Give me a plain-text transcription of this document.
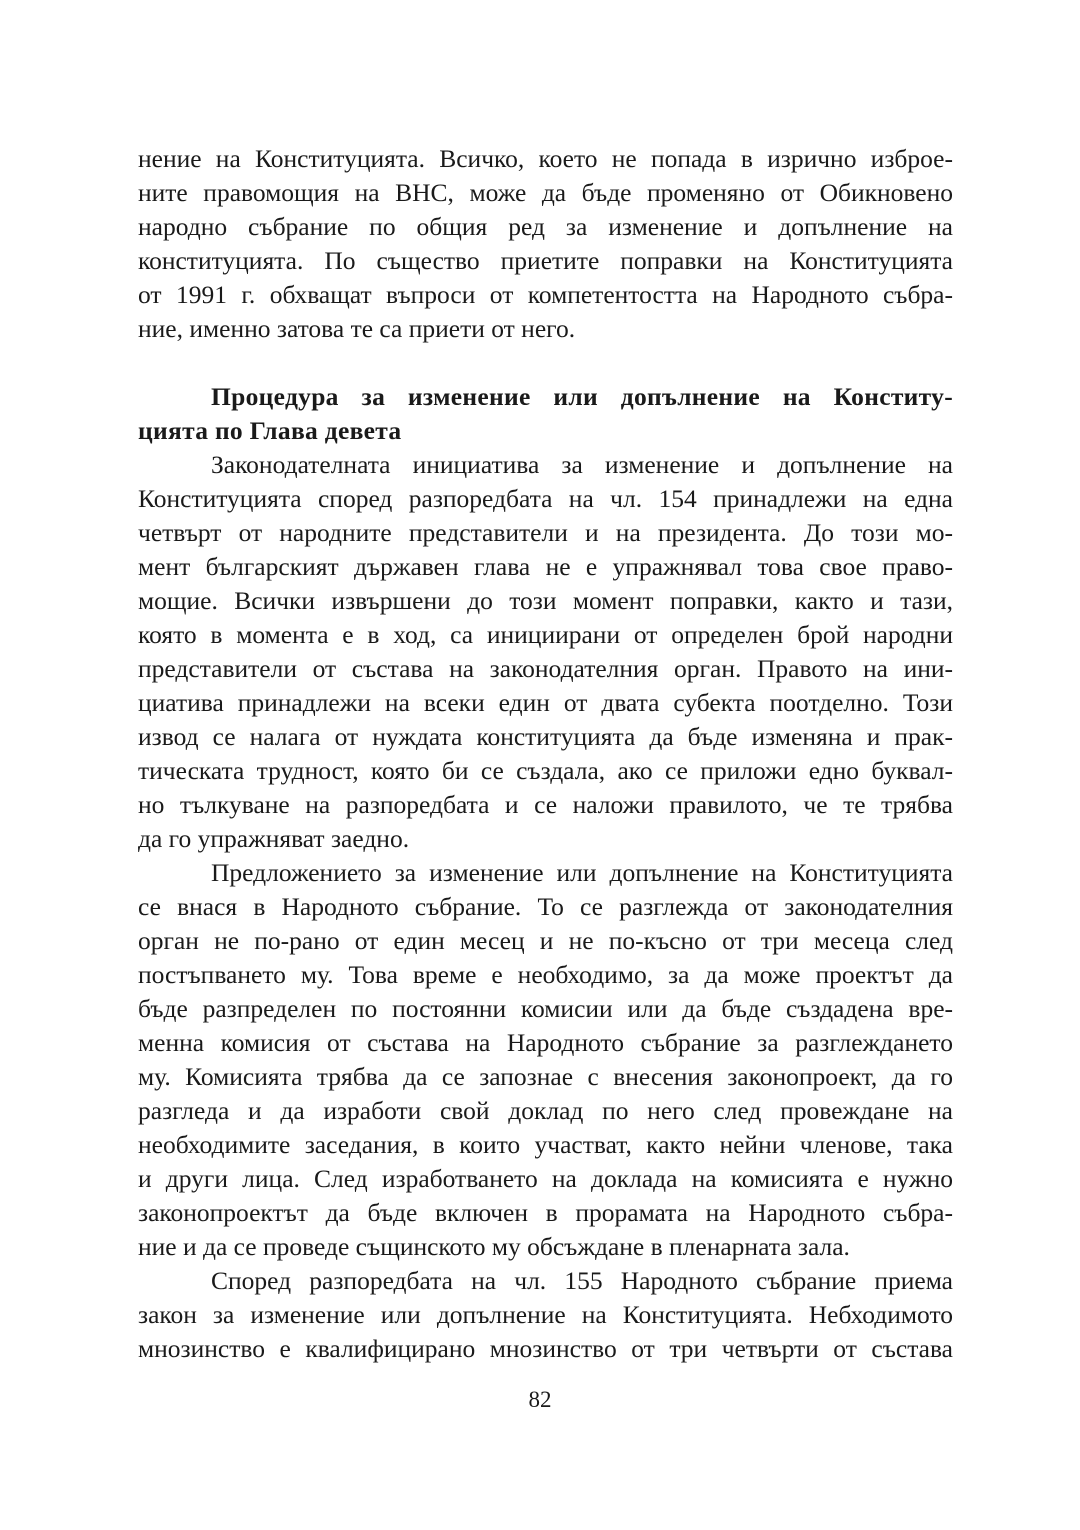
нение на Конституцията. Всичко, което не попада в изрично изброе-
ните правомощия на ВНС, може да бъде променяно от Обикновено
народно събрание по общия ред за изменение и допълнение на
конституцията. По същество приетите поправки на Конституцията
от 1991 г. обхващат въпроси от компетентостта на Народното събра-
ние, именно затова те са приети от него.
Процедура за изменение или допълнение на Конститу-
цията по Глава девета
Законодателната инициатива за изменение и допълнение на
Конституцията според разпоредбата на чл. 154 принадлежи на една
четвърт от народните представители и на президента. До този мо-
мент българският държавен глава не е упражнявал това свое право-
мощие. Всички извършени до този момент поправки, както и тази,
която в момента е в ход, са инициирани от определен брой народни
представители от състава на законодателния орган. Правото на ини-
циатива принадлежи на всеки един от двата субекта поотделно. Този
извод се налага от нуждата конституцията да бъде изменяна и прак-
тическата трудност, която би се създала, ако се приложи едно буквал-
но тълкуване на разпоредбата и се наложи правилото, че те трябва
да го упражняват заедно.
Предложението за изменение или допълнение на Конституцията
се внася в Народното събрание. То се разглежда от законодателния
орган не по-рано от един месец и не по-късно от три месеца след
постъпването му. Това време е необходимо, за да може проектът да
бъде разпределен по постоянни комисии или да бъде създадена вре-
менна комисия от състава на Народното събрание за разглеждането
му. Комисията трябва да се запознае с внесения законопроект, да го
разгледа и да изработи свой доклад по него след провеждане на
необходимите заседания, в които участват, както нейни членове, така
и други лица. След изработването на доклада на комисията е нужно
законопроектът да бъде включен в прорамата на Народното събра-
ние и да се проведе същинското му обсъждане в пленарната зала.
Според разпоредбата на чл. 155 Народното събрание приема
закон за изменение или допълнение на Конституцията. Небходимото
мнозинство е квалифицирано мнозинство от три четвърти от състава
82
